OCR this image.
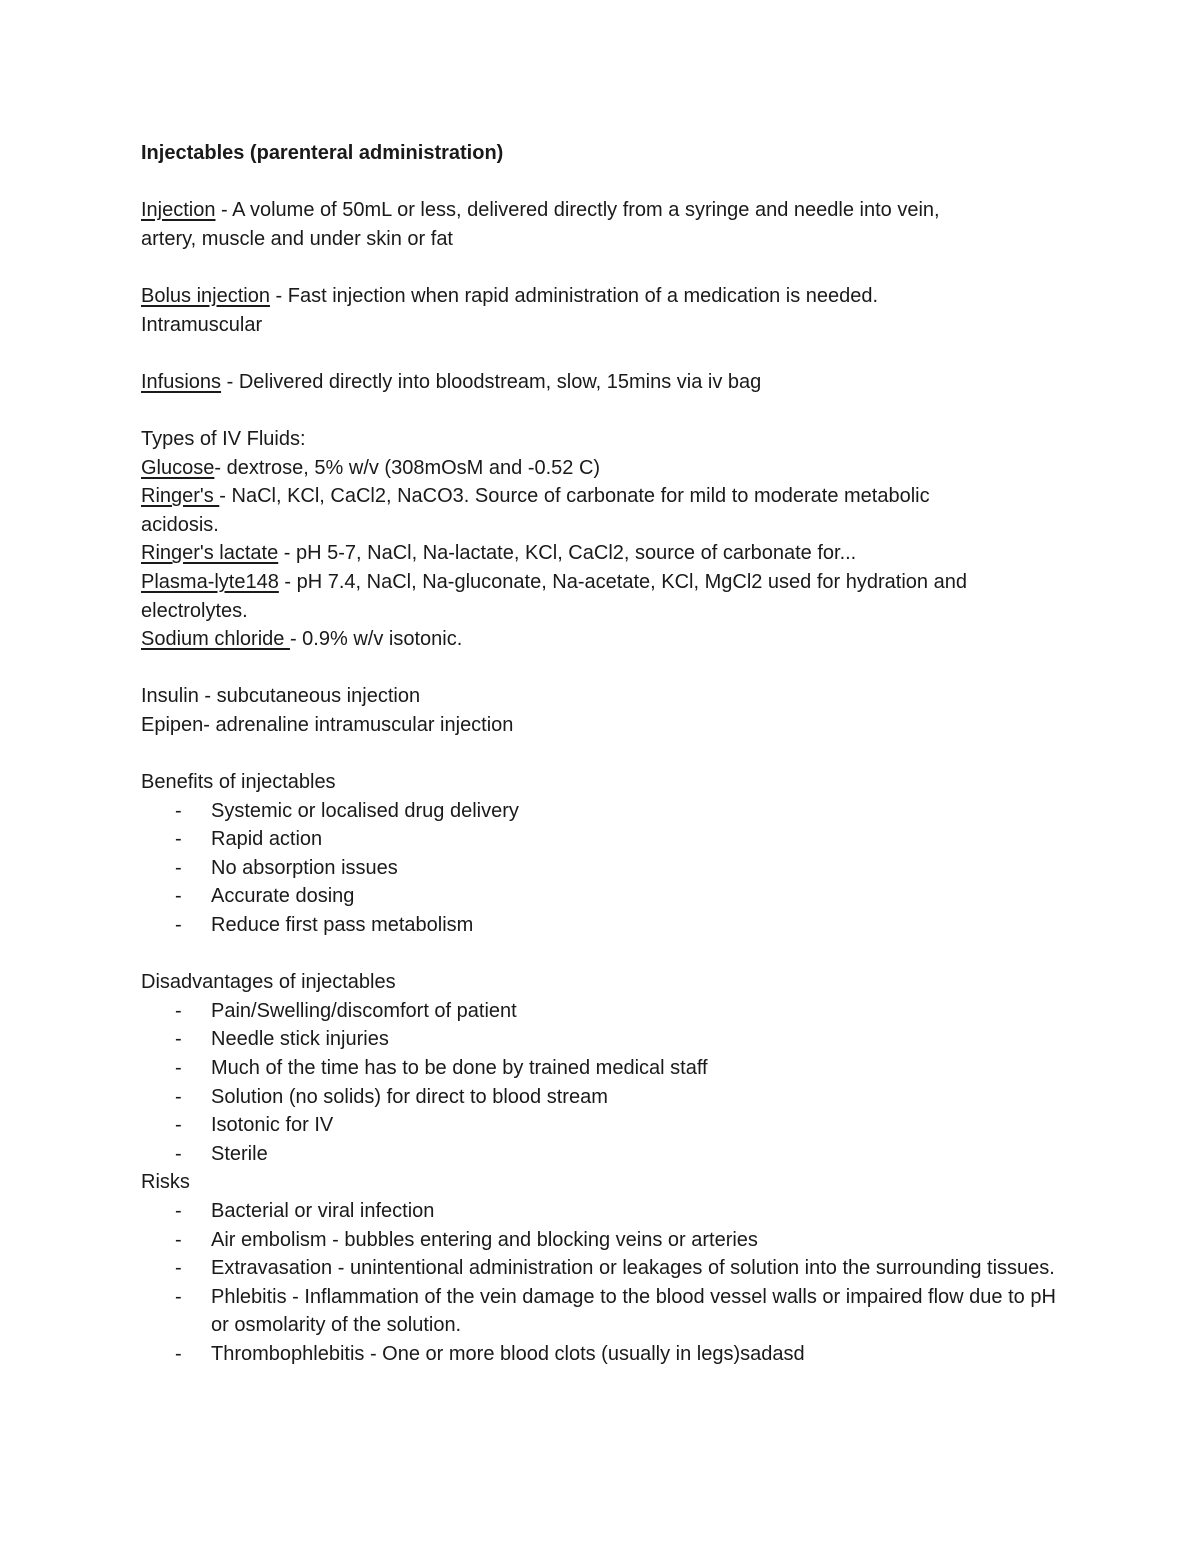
Injectables (parenteral administration)
Injection - A volume of 50mL or less, delivered directly from a syringe and needle into vein,
artery, muscle and under skin or fat
Bolus injection - Fast injection when rapid administration of a medication is needed.
Intramuscular
Infusions - Delivered directly into bloodstream, slow, 15mins via iv bag
Types of IV Fluids:
Glucose- dextrose, 5% w/v (308mOsM and -0.52 C)
Ringer's - NaCl, KCl, CaCl2, NaCO3. Source of carbonate for mild to moderate metabolic
acidosis.
Ringer's lactate - pH 5-7, NaCl, Na-lactate, KCl, CaCl2, source of carbonate for...
Plasma-lyte148 - pH 7.4, NaCl, Na-gluconate, Na-acetate, KCl, MgCl2 used for hydration and
electrolytes.
Sodium chloride - 0.9% w/v isotonic.
Insulin - subcutaneous injection
Epipen- adrenaline intramuscular injection
Benefits of injectables
- Systemic or localised drug delivery
- Rapid action
- No absorption issues
- Accurate dosing
- Reduce first pass metabolism
Disadvantages of injectables
- Pain/Swelling/discomfort of patient
- Needle stick injuries
- Much of the time has to be done by trained medical staff
- Solution (no solids) for direct to blood stream
- Isotonic for IV
- Sterile
Risks
- Bacterial or viral infection
- Air embolism - bubbles entering and blocking veins or arteries
- Extravasation - unintentional administration or leakages of solution into the surrounding tissues.
- Phlebitis - Inflammation of the vein damage to the blood vessel walls or impaired flow due to pH or osmolarity of the solution.
- Thrombophlebitis - One or more blood clots (usually in legs)sadasd
